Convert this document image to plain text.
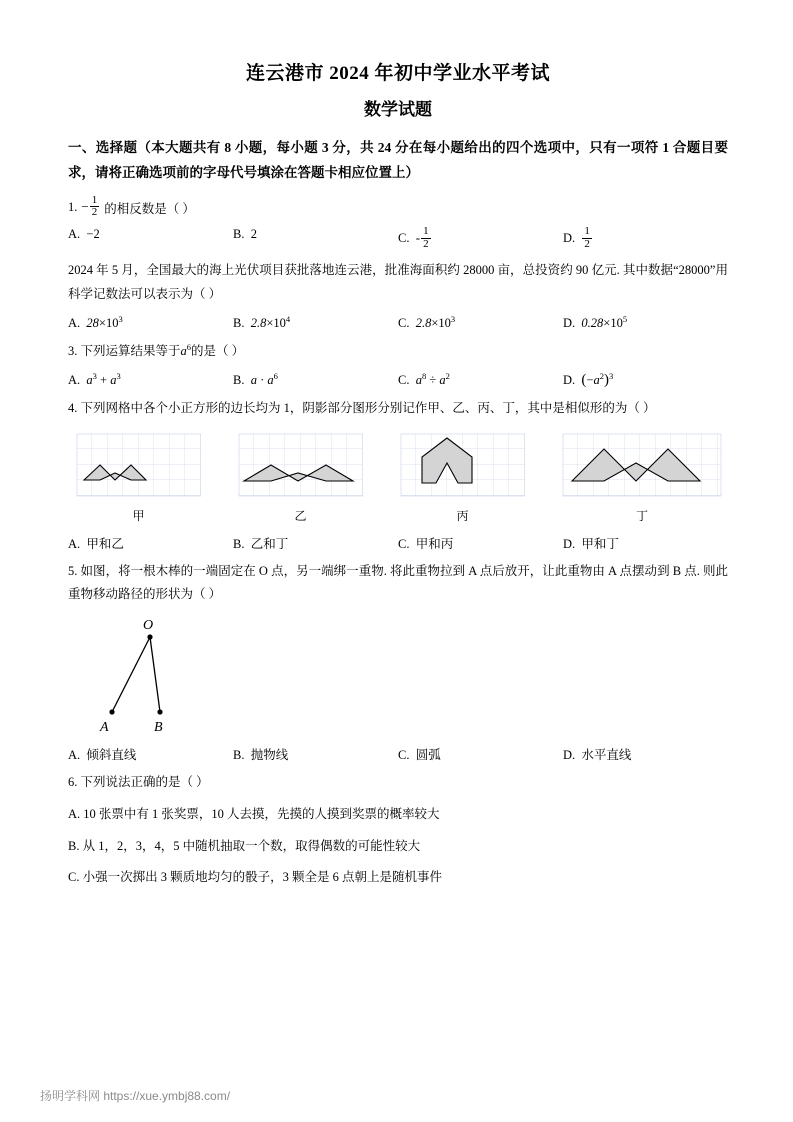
连云港市 2024 年初中学业水平考试
数学试题
一、选择题（本大题共有 8 小题，每小题 3 分，共 24 分在每小题给出的四个选项中，只有一项符 1 合题目要求，请将正确选项前的字母代号填涂在答题卡相应位置上）
1. − $\frac{1}{2}$ 的相反数是（ ）
A. −2	B. 2	C. - $\frac{1}{2}$	D. $\frac{1}{2}$
2024 年 5 月，全国最大的海上光伏项目获批落地连云港，批准海面积约 28000 亩，总投资约 90 亿元. 其中数据“28000”用科学记数法可以表示为（ ）
A. $28\times 10^3$	B. $2.8\times 10^4$	C. $2.8\times 10^3$	D. $0.28\times 10^5$
3. 下列运算结果等于$a^6$的是（ ）
A. $a^3 + a^3$	B. $a \cdot a^6$	C. $a^8 \div a^2$	D. $(-a^2)^3$
4. 下列网格中各个小正方形的边长均为 1，阴影部分图形分别记作甲、乙、丙、丁，其中是相似形的为（ ）
甲	乙	丙	丁
A. 甲和乙	B. 乙和丁	C. 甲和丙	D. 甲和丁
5. 如图，将一根木棒的一端固定在 O 点，另一端绑一重物. 将此重物拉到 A 点后放开，让此重物由 A 点摆动到 B 点. 则此重物移动路径的形状为（ ）
O
A	B
A. 倾斜直线	B. 抛物线	C. 圆弧	D. 水平直线
6. 下列说法正确的是（ ）
A. 10 张票中有 1 张奖票，10 人去摸，先摸的人摸到奖票的概率较大
B. 从 1，2，3，4，5 中随机抽取一个数，取得偶数的可能性较大
C. 小强一次掷出 3 颗质地均匀的骰子，3 颗全是 6 点朝上是随机事件
扬明学科网 https://xue.ymbj88.com/
